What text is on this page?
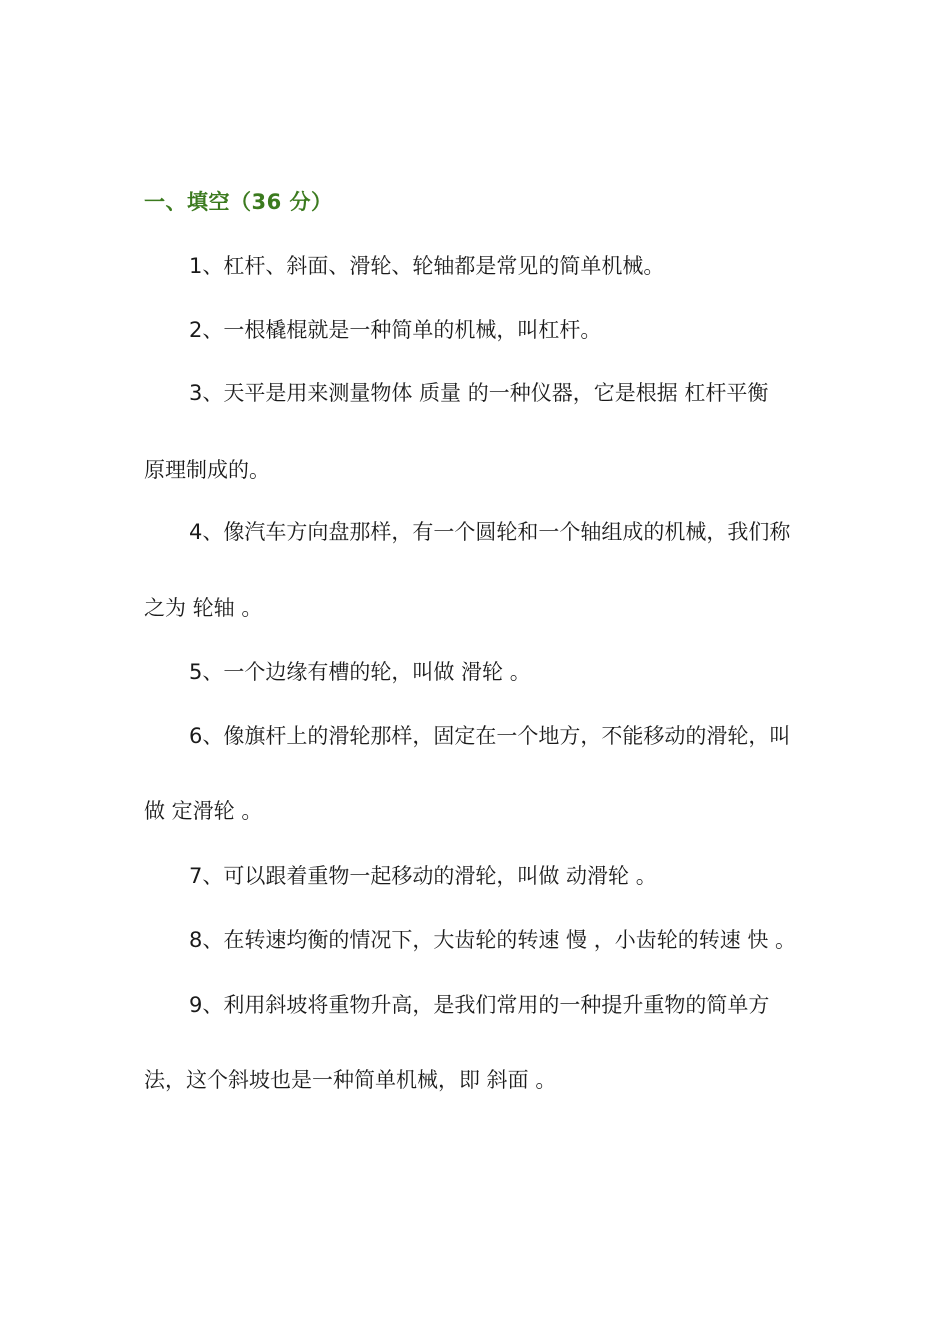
一、填空（36 分）
1、杠杆、斜面、滑轮、轮轴都是常见的简单机械。
2、一根橇棍就是一种简单的机械，叫杠杆。
3、天平是用来测量物体 质量 的一种仪器，它是根据 杠杆平衡
原理制成的。
4、像汽车方向盘那样，有一个圆轮和一个轴组成的机械，我们称
之为 轮轴 。
5、一个边缘有槽的轮，叫做 滑轮 。
6、像旗杆上的滑轮那样，固定在一个地方，不能移动的滑轮，叫
做 定滑轮 。
7、可以跟着重物一起移动的滑轮，叫做 动滑轮 。
8、在转速均衡的情况下，大齿轮的转速 慢 ，小齿轮的转速 快 。
9、利用斜坡将重物升高，是我们常用的一种提升重物的简单方
法，这个斜坡也是一种简单机械，即 斜面 。
